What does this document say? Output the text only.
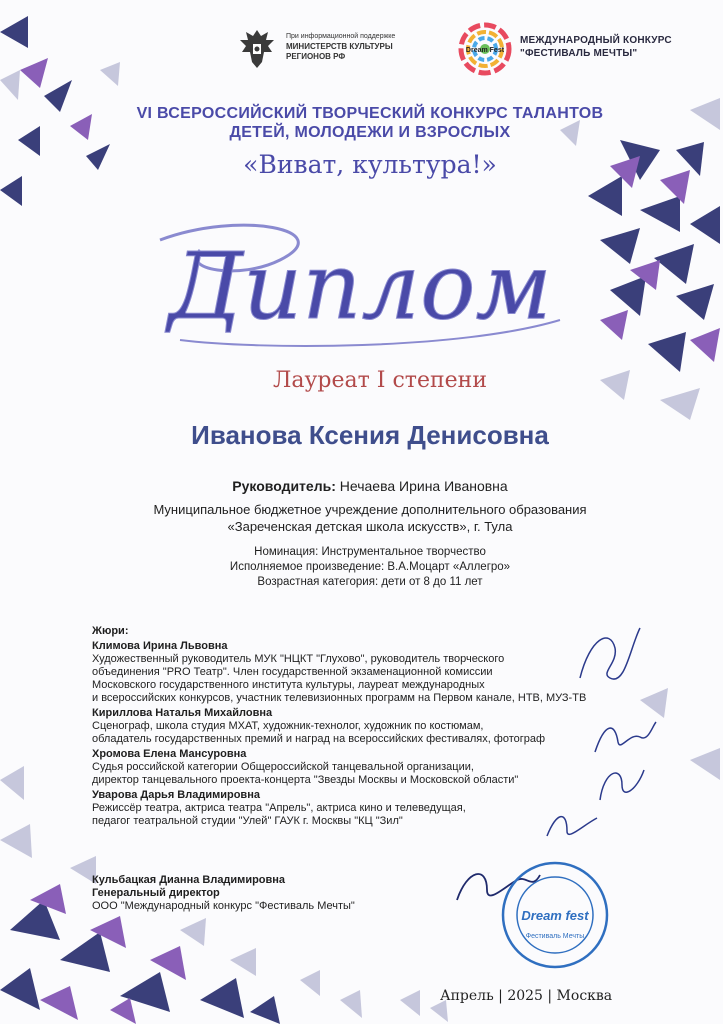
При информационной поддержке
МИНИСТЕРСТВ КУЛЬТУРЫ
РЕГИОНОВ РФ
Dream Fest
МЕЖДУНАРОДНЫЙ КОНКУРС
"ФЕСТИВАЛЬ МЕЧТЫ"
VI ВСЕРОССИЙСКИЙ ТВОРЧЕСКИЙ КОНКУРС ТАЛАНТОВ
ДЕТЕЙ, МОЛОДЕЖИ И ВЗРОСЛЫХ
«Виват, культура!»
Диплом
Лауреат I степени
Иванова Ксения Денисовна
Руководитель: Нечаева Ирина Ивановна
Муниципальное бюджетное учреждение дополнительного образования
«Зареченская детская школа искусств», г. Тула
Номинация: Инструментальное творчество
Исполняемое произведение: В.А.Моцарт «Аллегро»
Возрастная категория: дети от 8 до 11 лет
Жюри:
Климова Ирина Львовна
Художественный руководитель МУК "НЦКТ "Глухово", руководитель творческого
объединения "PRO Театр". Член государственной экзаменационной комиссии
Московского государственного института культуры, лауреат международных
и всероссийских конкурсов, участник телевизионных программ на Первом канале, НТВ, МУЗ-ТВ
Кириллова Наталья Михайловна
Сценограф, школа студия МХАТ, художник-технолог, художник по костюмам,
обладатель государственных премий и наград на всероссийских фестивалях, фотограф
Хромова Елена Мансуровна
Судья российской категории Общероссийской танцевальной организации,
директор танцевального проекта-концерта "Звезды Москвы и Московской области"
Уварова Дарья Владимировна
Режиссёр театра, актриса театра "Апрель", актриса кино и телеведущая,
педагог театральной студии "Улей" ГАУК г. Москвы "КЦ "Зил"
Кульбацкая Дианна Владимировна
Генеральный директор
ООО "Международный конкурс "Фестиваль Мечты"
Dream fest
Фестиваль Мечты
Апрель | 2025 | Москва
